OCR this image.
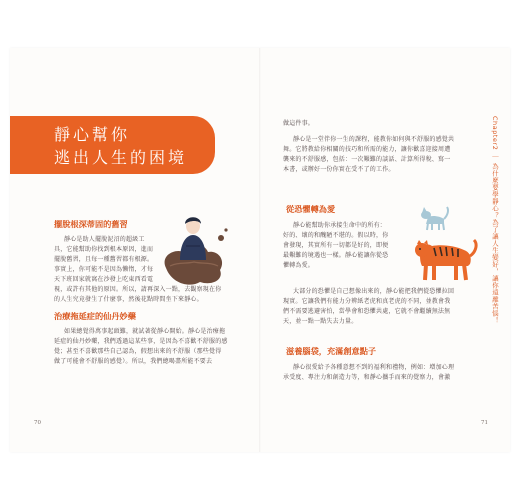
靜心幫你
逃出人生的困境
擺脫根深蒂固的舊習
靜心是助人擺脫泥沼的超級工
具，它能幫助你找到根本原因，進而
擺脫舊習，且每一種舊習都有根源。
事實上，你可能不是因為懶惰，才每
天下班回家就窩在沙發上吃東西看電
視，或許有其他的原因。所以，請再深入一點，去觀察現在你
的人生究竟發生了什麼事，然後花點時間坐下來靜心。
治療拖延症的仙丹妙藥
如果總覺得萬事起頭難，就試著從靜心開始。靜心是治療拖
延症的仙丹妙藥，我們透過這某些事，是因為不喜歡不舒服的感
覺；甚至不喜歡那些自己認為，假想出來的不舒服（那些覺得
做了可能會不舒服的感覺）。所以，我們總喝盡所能不要去
70
做這件事。
靜心是一堂伴你一生的課程，能教你如何與不舒服的感覺共
舞。它將教給你相關的技巧和所需的能力，讓你歡喜迎接周遭
襲來的不舒服感，包括：一次艱難的談話、計算所得稅、寫一
本書，或辦好一份你實在受不了的工作。
從恐懼轉為愛
靜心能幫助你承接生命中的所有：
好的、壞的和醜陋不堪的。假以時，你
會發現，其實所有一切都是好的，即便
最艱難的境遇也一樣。靜心能讓你從恐
懼轉為愛。
大部分的恐懼是自己想像出來的，靜心能把我們從恐懼拉回
現實。它讓我們有能力分辨紙老虎和真老虎的不同，並教會我
們不需要逃避害怕，當學會和恐懼共處，它就不會繼續無法無
天，並一點一點失去力量。
滋養腦袋，充滿創意點子
靜心很愛給予各種意想不到的福利和禮物，例如：增加心理
承受度、專注力和創造力等，和靜心攜手而來的覺察力，會激
Chapter2 ｜ 為什麼要學靜心？為了讓人生變好，讓你遠離苦惱！
71
